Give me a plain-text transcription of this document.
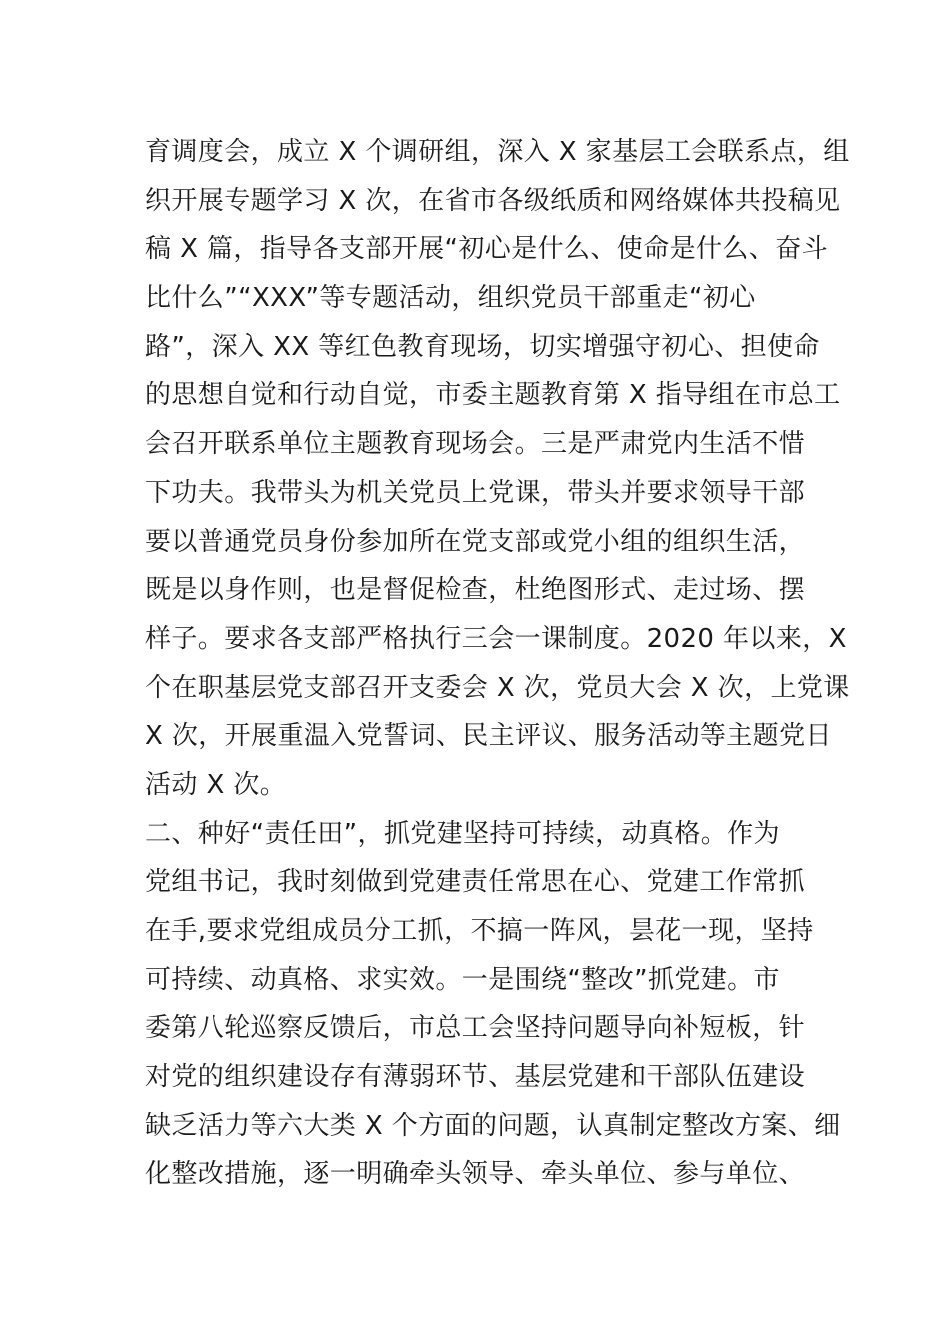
育调度会，成立 X 个调研组，深入 X 家基层工会联系点，组
织开展专题学习 X 次，在省市各级纸质和网络媒体共投稿见
稿 X 篇，指导各支部开展“初心是什么、使命是什么、奋斗
比什么”“XXX”等专题活动，组织党员干部重走“初心
路”，深入 XX 等红色教育现场，切实增强守初心、担使命
的思想自觉和行动自觉，市委主题教育第 X 指导组在市总工
会召开联系单位主题教育现场会。三是严肃党内生活不惜
下功夫。我带头为机关党员上党课，带头并要求领导干部
要以普通党员身份参加所在党支部或党小组的组织生活，
既是以身作则，也是督促检查，杜绝图形式、走过场、摆
样子。要求各支部严格执行三会一课制度。2020 年以来，X
个在职基层党支部召开支委会 X 次，党员大会 X 次，上党课
X 次，开展重温入党誓词、民主评议、服务活动等主题党日
活动 X 次。
二、种好“责任田”，抓党建坚持可持续，动真格。作为
党组书记，我时刻做到党建责任常思在心、党建工作常抓
在手,要求党组成员分工抓，不搞一阵风，昙花一现，坚持
可持续、动真格、求实效。一是围绕“整改”抓党建。市
委第八轮巡察反馈后，市总工会坚持问题导向补短板，针
对党的组织建设存有薄弱环节、基层党建和干部队伍建设
缺乏活力等六大类 X 个方面的问题，认真制定整改方案、细
化整改措施，逐一明确牵头领导、牵头单位、参与单位、
